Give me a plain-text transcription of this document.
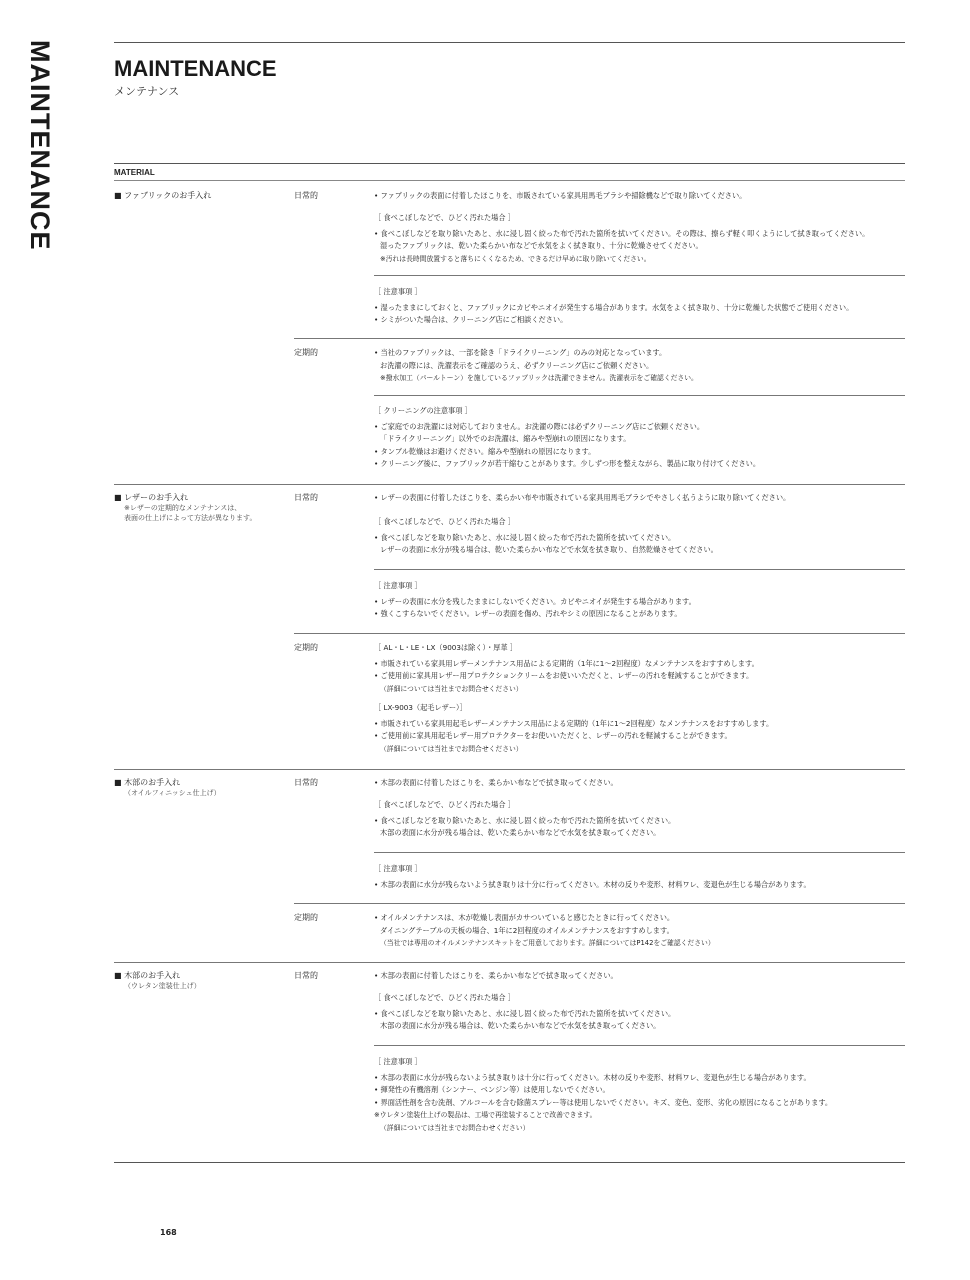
MAINTENANCE	MAINTENANCE
メンテナンス
MATERIAL
■ ファブリックのお手入れ	日常的	• ファブリックの表面に付着したほこりを、市販されている家具用馬毛ブラシや掃除機などで取り除いてください。
［ 食べこぼしなどで、ひどく汚れた場合 ］
• 食べこぼしなどを取り除いたあと、水に浸し固く絞った布で汚れた箇所を拭いてください。その際は、擦らず軽く叩くようにして拭き取ってください。
湿ったファブリックは、乾いた柔らかい布などで水気をよく拭き取り、十分に乾燥させてください。
※汚れは長時間放置すると落ちにくくなるため、できるだけ早めに取り除いてください。
［ 注意事項 ］
• 湿ったままにしておくと、ファブリックにカビやニオイが発生する場合があります。水気をよく拭き取り、十分に乾燥した状態でご使用ください。
• シミがついた場合は、クリーニング店にご相談ください。
定期的	• 当社のファブリックは、一部を除き「ドライクリーニング」のみの対応となっています。
お洗濯の際には、洗濯表示をご確認のうえ、必ずクリーニング店にご依頼ください。
※撥水加工（パールトーン）を施しているファブリックは洗濯できません。洗濯表示をご確認ください。
［ クリーニングの注意事項 ］
• ご家庭でのお洗濯には対応しておりません。お洗濯の際には必ずクリーニング店にご依頼ください。
「ドライクリーニング」以外でのお洗濯は、縮みや型崩れの原因になります。
• タンブル乾燥はお避けください。縮みや型崩れの原因になります。
• クリーニング後に、ファブリックが若干縮むことがあります。少しずつ形を整えながら、製品に取り付けてください。
■ レザーのお手入れ
※レザーの定期的なメンテナンスは、
表面の仕上げによって方法が異なります。
日常的	• レザーの表面に付着したほこりを、柔らかい布や市販されている家具用馬毛ブラシでやさしく払うように取り除いてください。
［ 食べこぼしなどで、ひどく汚れた場合 ］
• 食べこぼしなどを取り除いたあと、水に浸し固く絞った布で汚れた箇所を拭いてください。
レザーの表面に水分が残る場合は、乾いた柔らかい布などで水気を拭き取り、自然乾燥させてください。
［ 注意事項 ］
• レザーの表面に水分を残したままにしないでください。カビやニオイが発生する場合があります。
• 強くこすらないでください。レザーの表面を傷め、汚れやシミの原因になることがあります。
定期的	［ AL・L・LE・LX（9003は除く）・厚革 ］
• 市販されている家具用レザーメンテナンス用品による定期的（1年に1～2回程度）なメンテナンスをおすすめします。
• ご使用前に家具用レザー用プロテクションクリームをお使いいただくと、レザーの汚れを軽減することができます。
（詳細については当社までお問合せください）
［ LX-9003（起毛レザー）］
• 市販されている家具用起毛レザーメンテナンス用品による定期的（1年に1～2回程度）なメンテナンスをおすすめします。
• ご使用前に家具用起毛レザー用プロテクターをお使いいただくと、レザーの汚れを軽減することができます。
（詳細については当社までお問合せください）
■ 木部のお手入れ
（オイルフィニッシュ仕上げ）
日常的	• 木部の表面に付着したほこりを、柔らかい布などで拭き取ってください。
［ 食べこぼしなどで、ひどく汚れた場合 ］
• 食べこぼしなどを取り除いたあと、水に浸し固く絞った布で汚れた箇所を拭いてください。
木部の表面に水分が残る場合は、乾いた柔らかい布などで水気を拭き取ってください。
［ 注意事項 ］
• 木部の表面に水分が残らないよう拭き取りは十分に行ってください。木材の反りや変形、材料ワレ、変退色が生じる場合があります。
定期的	• オイルメンテナンスは、木が乾燥し表面がカサついていると感じたときに行ってください。
ダイニングテーブルの天板の場合、1年に2回程度のオイルメンテナンスをおすすめします。
（当社では専用のオイルメンテナンスキットをご用意しております。詳細についてはP142をご確認ください）
■ 木部のお手入れ
（ウレタン塗装仕上げ）
日常的	• 木部の表面に付着したほこりを、柔らかい布などで拭き取ってください。
［ 食べこぼしなどで、ひどく汚れた場合 ］
• 食べこぼしなどを取り除いたあと、水に浸し固く絞った布で汚れた箇所を拭いてください。
木部の表面に水分が残る場合は、乾いた柔らかい布などで水気を拭き取ってください。
［ 注意事項 ］
• 木部の表面に水分が残らないよう拭き取りは十分に行ってください。木材の反りや変形、材料ワレ、変退色が生じる場合があります。
• 揮発性の有機溶剤（シンナー、ベンジン等）は使用しないでください。
• 界面活性剤を含む洗剤、アルコールを含む除菌スプレー等は使用しないでください。キズ、変色、変形、劣化の原因になることがあります。
※ウレタン塗装仕上げの製品は、工場で再塗装することで改善できます。
（詳細については当社までお問合わせください）
168
